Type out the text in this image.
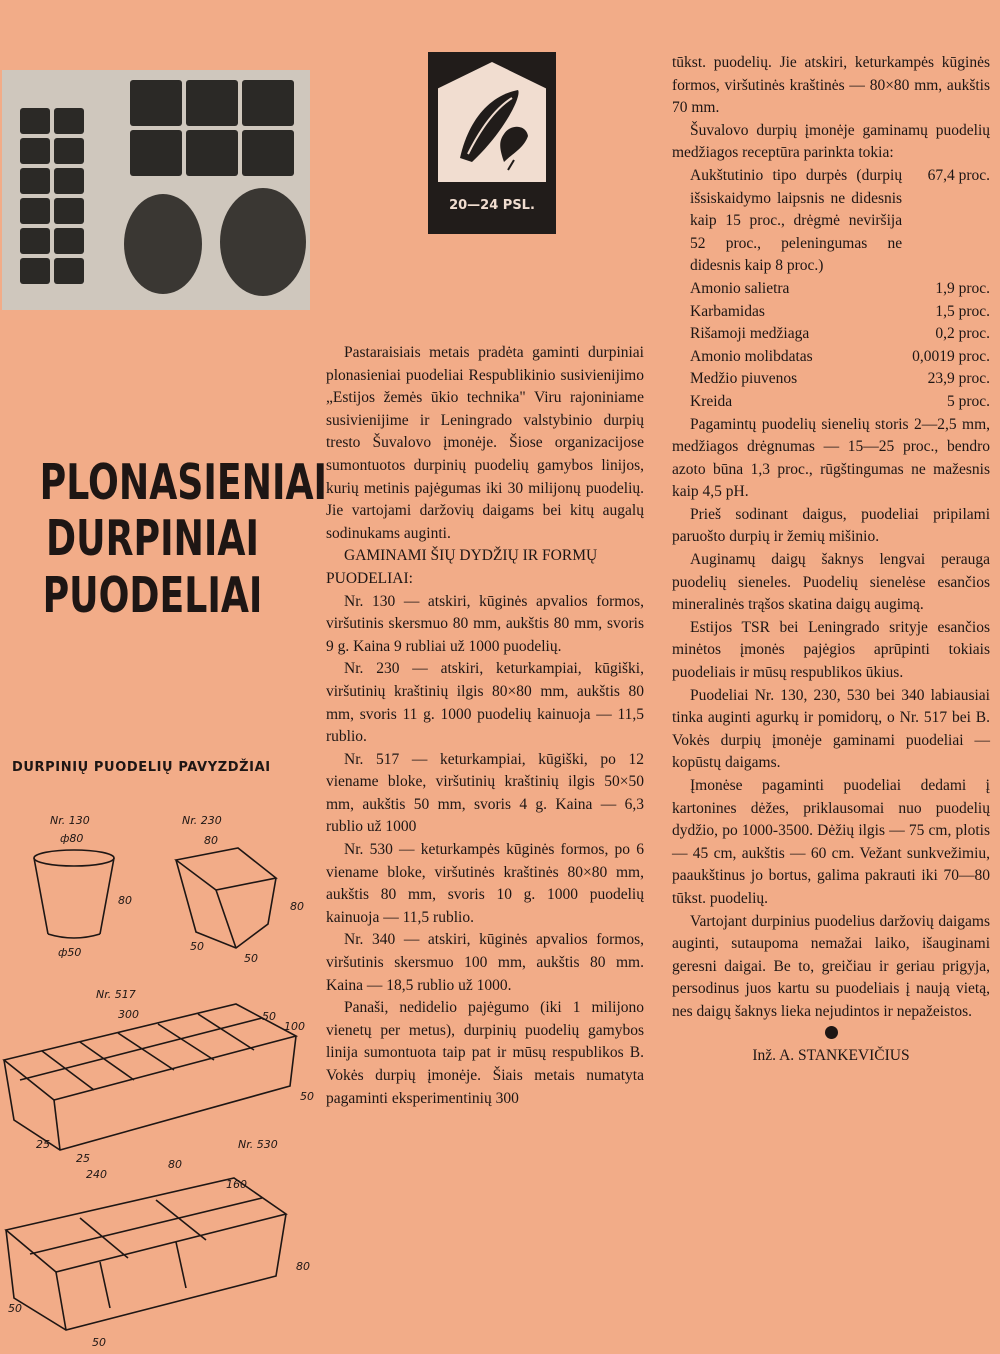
20—24 PSL.
PLONASIENIAI
DURPINIAI
PUODELIAI
DURPINIŲ PUODELIŲ PAVYZDŽIAI
Nr. 130
ф80
80
ф50
Nr. 230
80
80
50
50
Nr. 517
300	50
100
50
25
25
Nr. 530
240
80
160
80
50
50

Pastaraisiais metais pradėta gaminti durpiniai plonasieniai puodeliai Respublikinio susivienijimo „Estijos žemės ūkio technika" Viru rajoniniame susivienijime ir Leningrado valstybinio durpių tresto Šuvalovo įmonėje. Šiose organizacijose sumontuotos durpinių puodelių gamybos linijos, kurių metinis pajėgumas iki 30 milijonų puodelių. Jie vartojami daržovių daigams bei kitų augalų sodinukams auginti.

GAMINAMI ŠIŲ DYDŽIŲ IR FORMŲ PUODELIAI:

Nr. 130 — atskiri, kūginės apvalios formos, viršutinis skersmuo 80 mm, aukštis 80 mm, svoris 9 g. Kaina 9 rubliai už 1000 puodelių.

Nr. 230 — atskiri, keturkampiai, kūgiški, viršutinių kraštinių ilgis 80×80 mm, aukštis 80 mm, svoris 11 g. 1000 puodelių kainuoja — 11,5 rublio.

Nr. 517 — keturkampiai, kūgiški, po 12 viename bloke, viršutinių kraštinių ilgis 50×50 mm, aukštis 50 mm, svoris 4 g. Kaina — 6,3 rublio už 1000

Nr. 530 — keturkampės kūginės formos, po 6 viename bloke, viršutinės kraštinės 80×80 mm, aukštis 80 mm, svoris 10 g. 1000 puodelių kainuoja — 11,5 rublio.

Nr. 340 — atskiri, kūginės apvalios formos, viršutinis skersmuo 100 mm, aukštis 80 mm. Kaina — 18,5 rublio už 1000.

Panaši, nedidelio pajėgumo (iki 1 milijono vienetų per metus), durpinių puodelių gamybos linija sumontuota taip pat ir mūsų respublikos B. Vokės durpių įmonėje. Šiais metais numatyta pagaminti eksperimentinių 300

tūkst. puodelių. Jie atskiri, keturkampės kūginės formos, viršutinės kraštinės — 80×80 mm, aukštis 70 mm.

Šuvalovo durpių įmonėje gaminamų puodelių medžiagos receptūra parinkta tokia:

Aukštutinio tipo durpės (durpių išsiskaidymo laipsnis ne didesnis kaip 15 proc., drėgmė neviršija 52 proc., peleningumas ne didesnis kaip 8 proc.)	67,4 proc.
Amonio salietra	1,9 proc.
Karbamidas	1,5 proc.
Rišamoji medžiaga	0,2 proc.
Amonio molibdatas	0,0019 proc.
Medžio piuvenos	23,9 proc.
Kreida	5 proc.

Pagamintų puodelių sienelių storis 2—2,5 mm, medžiagos drėgnumas — 15—25 proc., bendro azoto būna 1,3 proc., rūgštingumas ne mažesnis kaip 4,5 pH.

Prieš sodinant daigus, puodeliai pripilami paruošto durpių ir žemių mišinio.

Auginamų daigų šaknys lengvai perauga puodelių sieneles. Puodelių sienelėse esančios mineralinės trąšos skatina daigų augimą.

Estijos TSR bei Leningrado srityje esančios minėtos įmonės pajėgios aprūpinti tokiais puodeliais ir mūsų respublikos ūkius.

Puodeliai Nr. 130, 230, 530 bei 340 labiausiai tinka auginti agurkų ir pomidorų, o Nr. 517 bei B. Vokės durpių įmonėje gaminami puodeliai — kopūstų daigams.

Įmonėse pagaminti puodeliai dedami į kartonines dėžes, priklausomai nuo puodelių dydžio, po 1000-3500. Dėžių ilgis — 75 cm, plotis — 45 cm, aukštis — 60 cm. Vežant sunkvežimiu, paaukštinus jo bortus, galima pakrauti iki 70—80 tūkst. puodelių.

Vartojant durpinius puodelius daržovių daigams auginti, sutaupoma nemažai laiko, išauginami geresni daigai. Be to, greičiau ir geriau prigyja, persodinus juos kartu su puodeliais į naują vietą, nes daigų šaknys lieka nejudintos ir nepažeistos.

Inž. A. STANKEVIČIUS
